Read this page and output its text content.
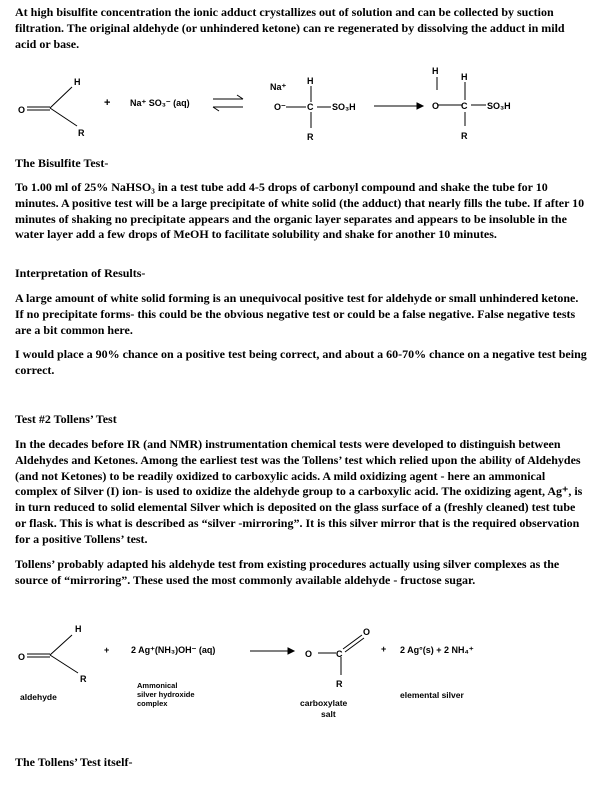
At high bisulfite concentration the ionic adduct crystallizes out of solution and can be collected by suction filtration. The original aldehyde (or unhindered ketone) can re regenerated by dissolving the adduct in mild acid or base.
O
H
R
+ Na⁺ SO₃⁻ (aq)
Na⁺
H
O⁻ C SO₃H
R
H
H
O C SO₃H
R
The Bisulfite Test-
To 1.00 ml of 25% NaHSO₃ in a test tube add 4-5 drops of carbonyl compound and shake the tube for 10 minutes. A positive test will be a large precipitate of white solid (the adduct) that nearly fills the tube. If after 10 minutes of shaking no precipitate appears and the organic layer separates and appears to be insoluble in the water layer add a few drops of MeOH to facilitate solubility and shake for another 10 minutes.
Interpretation of Results-
A large amount of white solid forming is an unequivocal positive test for aldehyde or small unhindered ketone. If no precipitate forms- this could be the obvious negative test or could be a false negative. False negative tests are a bit common here.
I would place a 90% chance on a positive test being correct, and about a 60-70% chance on a negative test being correct.
Test #2 Tollens’ Test
In the decades before IR (and NMR) instrumentation chemical tests were developed to distinguish between Aldehydes and Ketones. Among the earliest test was the Tollens’ test which relied upon the ability of Aldehydes (and not Ketones) to be readily oxidized to carboxylic acids. A mild oxidizing agent - here an ammonical complex of Silver (I) ion- is used to oxidize the aldehyde group to a carboxylic acid. The oxidizing agent, Ag⁺, is in turn reduced to solid elemental Silver which is deposited on the glass surface of a (freshly cleaned) test tube or flask. This is what is described as “silver -mirroring”. It is this silver mirror that is the required observation for a positive Tollens’ test.
Tollens’ probably adapted his aldehyde test from existing procedures actually using silver complexes as the source of “mirroring”. These used the most commonly available aldehyde - fructose sugar.
O
H
R
+ 2 Ag⁺(NH₃)OH⁻ (aq)	O	C
O
R
+ 2 Ag°(s) + 2 NH₄⁺
aldehyde
Ammonical
silver hydroxide
complex	carboxylate
salt
elemental silver
The Tollens’ Test itself-
